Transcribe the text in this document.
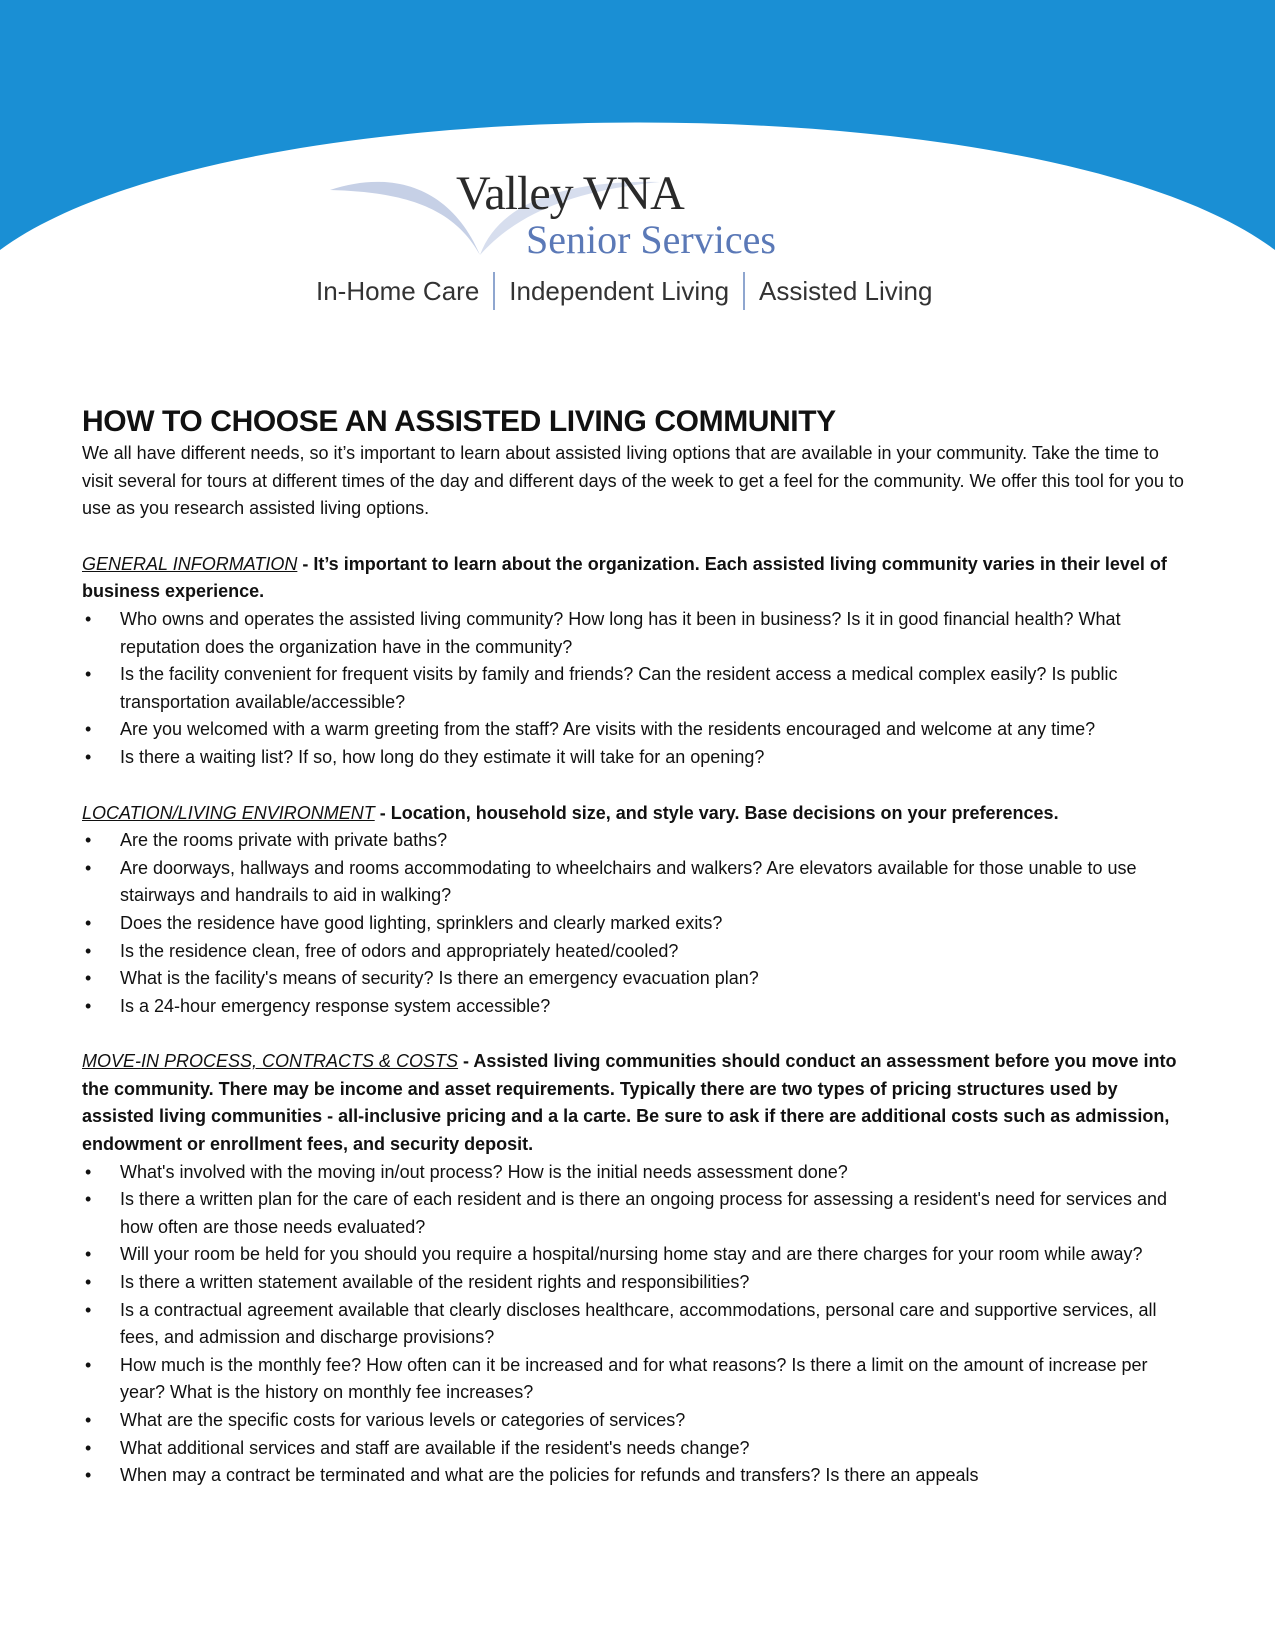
Valley VNA
Senior Services
In-Home Care Independent Living Assisted Living
HOW TO CHOOSE AN ASSISTED LIVING COMMUNITY

We all have different needs, so it’s important to learn about assisted living options that are available in your community. Take the time to visit several for tours at different times of the day and different days of the week to get a feel for the community. We offer this tool for you to use as you research assisted living options.

GENERAL INFORMATION - It’s important to learn about the organization. Each assisted living community varies in their level of business experience.

• Who owns and operates the assisted living community? How long has it been in business? Is it in good financial health? What reputation does the organization have in the community?
• Is the facility convenient for frequent visits by family and friends? Can the resident access a medical complex easily? Is public transportation available/accessible?
• Are you welcomed with a warm greeting from the staff? Are visits with the residents encouraged and welcome at any time?
• Is there a waiting list? If so, how long do they estimate it will take for an opening?

LOCATION/LIVING ENVIRONMENT - Location, household size, and style vary. Base decisions on your preferences.

• Are the rooms private with private baths?
• Are doorways, hallways and rooms accommodating to wheelchairs and walkers? Are elevators available for those unable to use stairways and handrails to aid in walking?
• Does the residence have good lighting, sprinklers and clearly marked exits?
• Is the residence clean, free of odors and appropriately heated/cooled?
• What is the facility's means of security? Is there an emergency evacuation plan?
• Is a 24-hour emergency response system accessible?

MOVE-IN PROCESS, CONTRACTS & COSTS - Assisted living communities should conduct an assessment before you move into the community. There may be income and asset requirements. Typically there are two types of pricing structures used by assisted living communities - all-inclusive pricing and a la carte. Be sure to ask if there are additional costs such as admission, endowment or enrollment fees, and security deposit.

• What's involved with the moving in/out process? How is the initial needs assessment done?
• Is there a written plan for the care of each resident and is there an ongoing process for assessing a resident's need for services and how often are those needs evaluated?
• Will your room be held for you should you require a hospital/nursing home stay and are there charges for your room while away?
• Is there a written statement available of the resident rights and responsibilities?
• Is a contractual agreement available that clearly discloses healthcare, accommodations, personal care and supportive services, all fees, and admission and discharge provisions?
• How much is the monthly fee? How often can it be increased and for what reasons? Is there a limit on the amount of increase per year? What is the history on monthly fee increases?
• What are the specific costs for various levels or categories of services?
• What additional services and staff are available if the resident's needs change?
• When may a contract be terminated and what are the policies for refunds and transfers? Is there an appeals
